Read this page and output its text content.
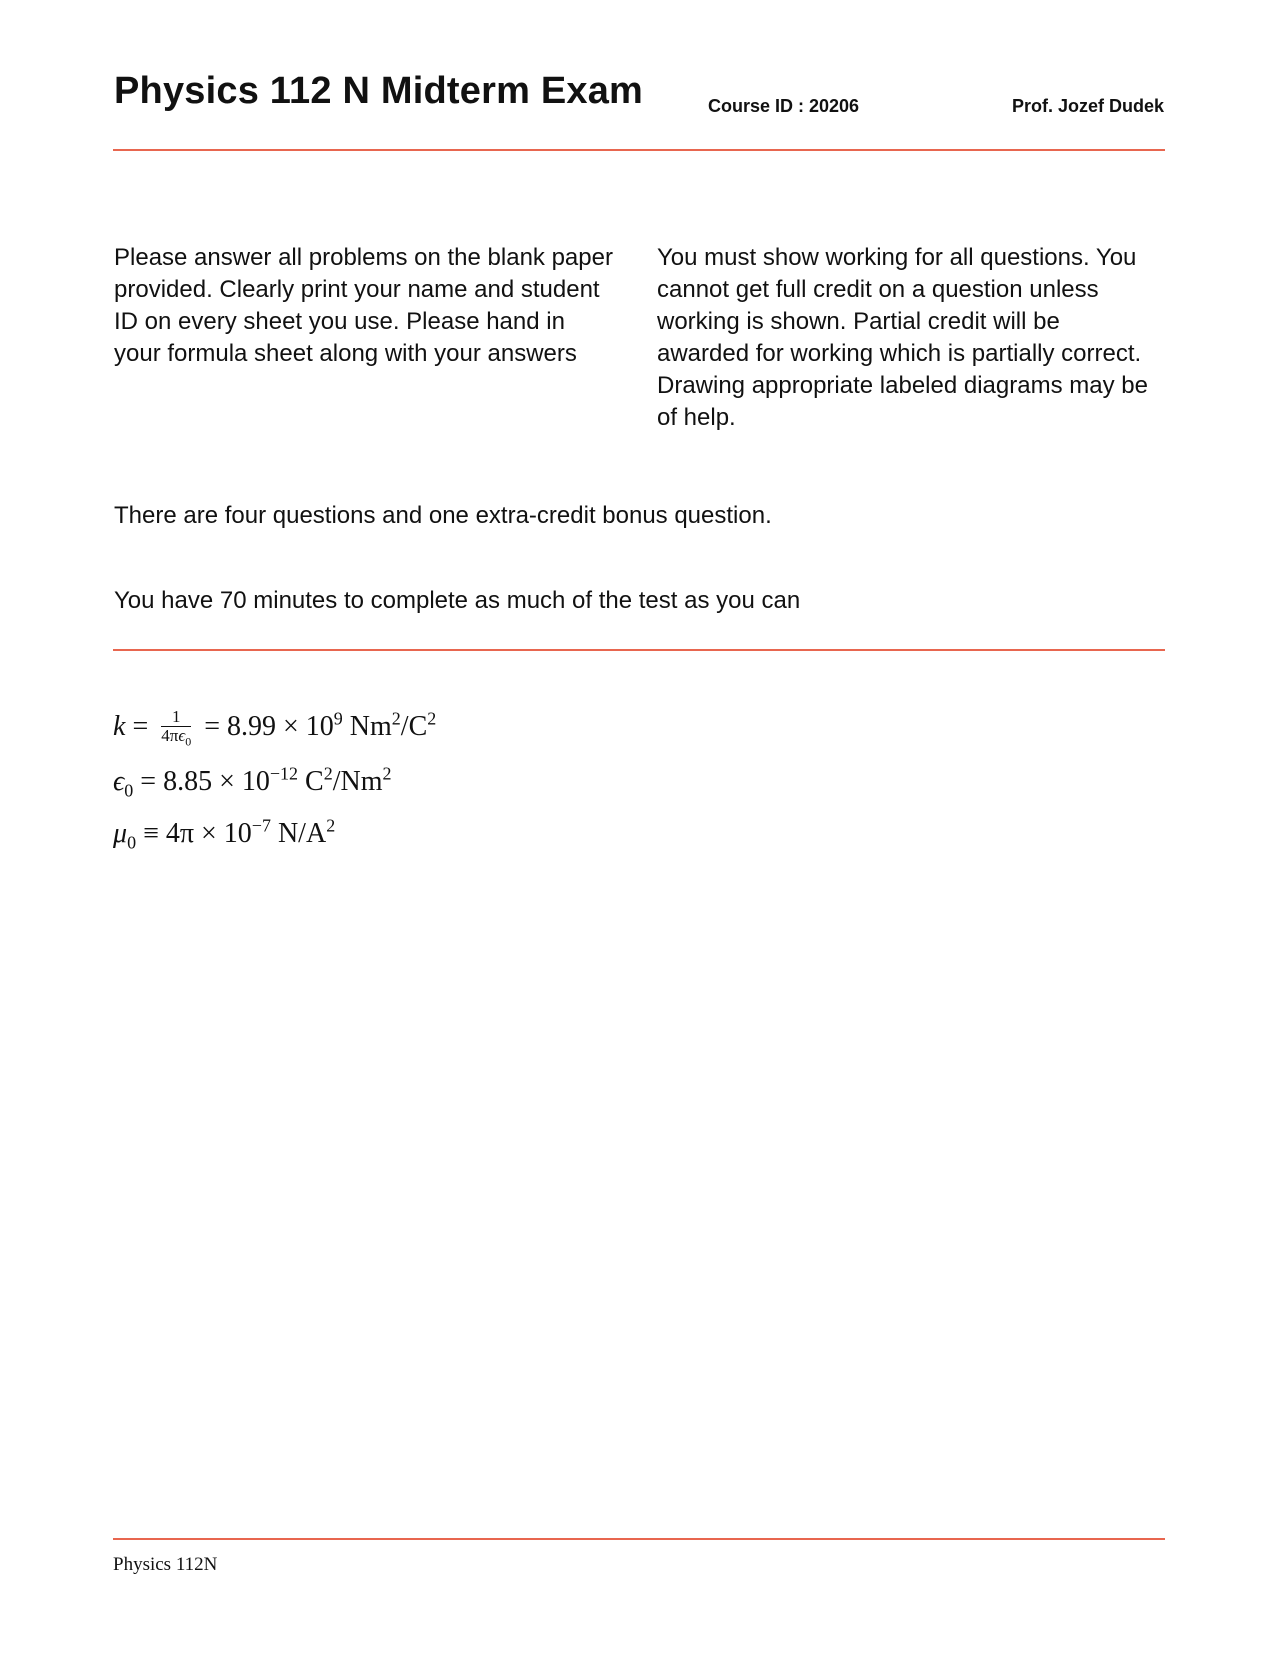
Physics 112 N Midterm Exam	Course ID : 20206	Prof. Jozef Dudek

Please answer all problems on the blank paper provided. Clearly print your name and student ID on every sheet you use. Please hand in your formula sheet along with your answers

You must show working for all questions. You cannot get full credit on a question unless working is shown. Partial credit will be awarded for working which is partially correct. Drawing appropriate labeled diagrams may be of help.

There are four questions and one extra-credit bonus question.
You have 70 minutes to complete as much of the test as you can
$k = \frac{1}{4\pi\epsilon_0} = 8.99 \times 10^9$ $Nm^2/C^2$
$\epsilon_0 = 8.85 \times 10^{-12}$ $C^2/Nm^2$
$\mu_0 \equiv 4\pi \times 10^{-7}$ $N/A^2$
Physics 112N
